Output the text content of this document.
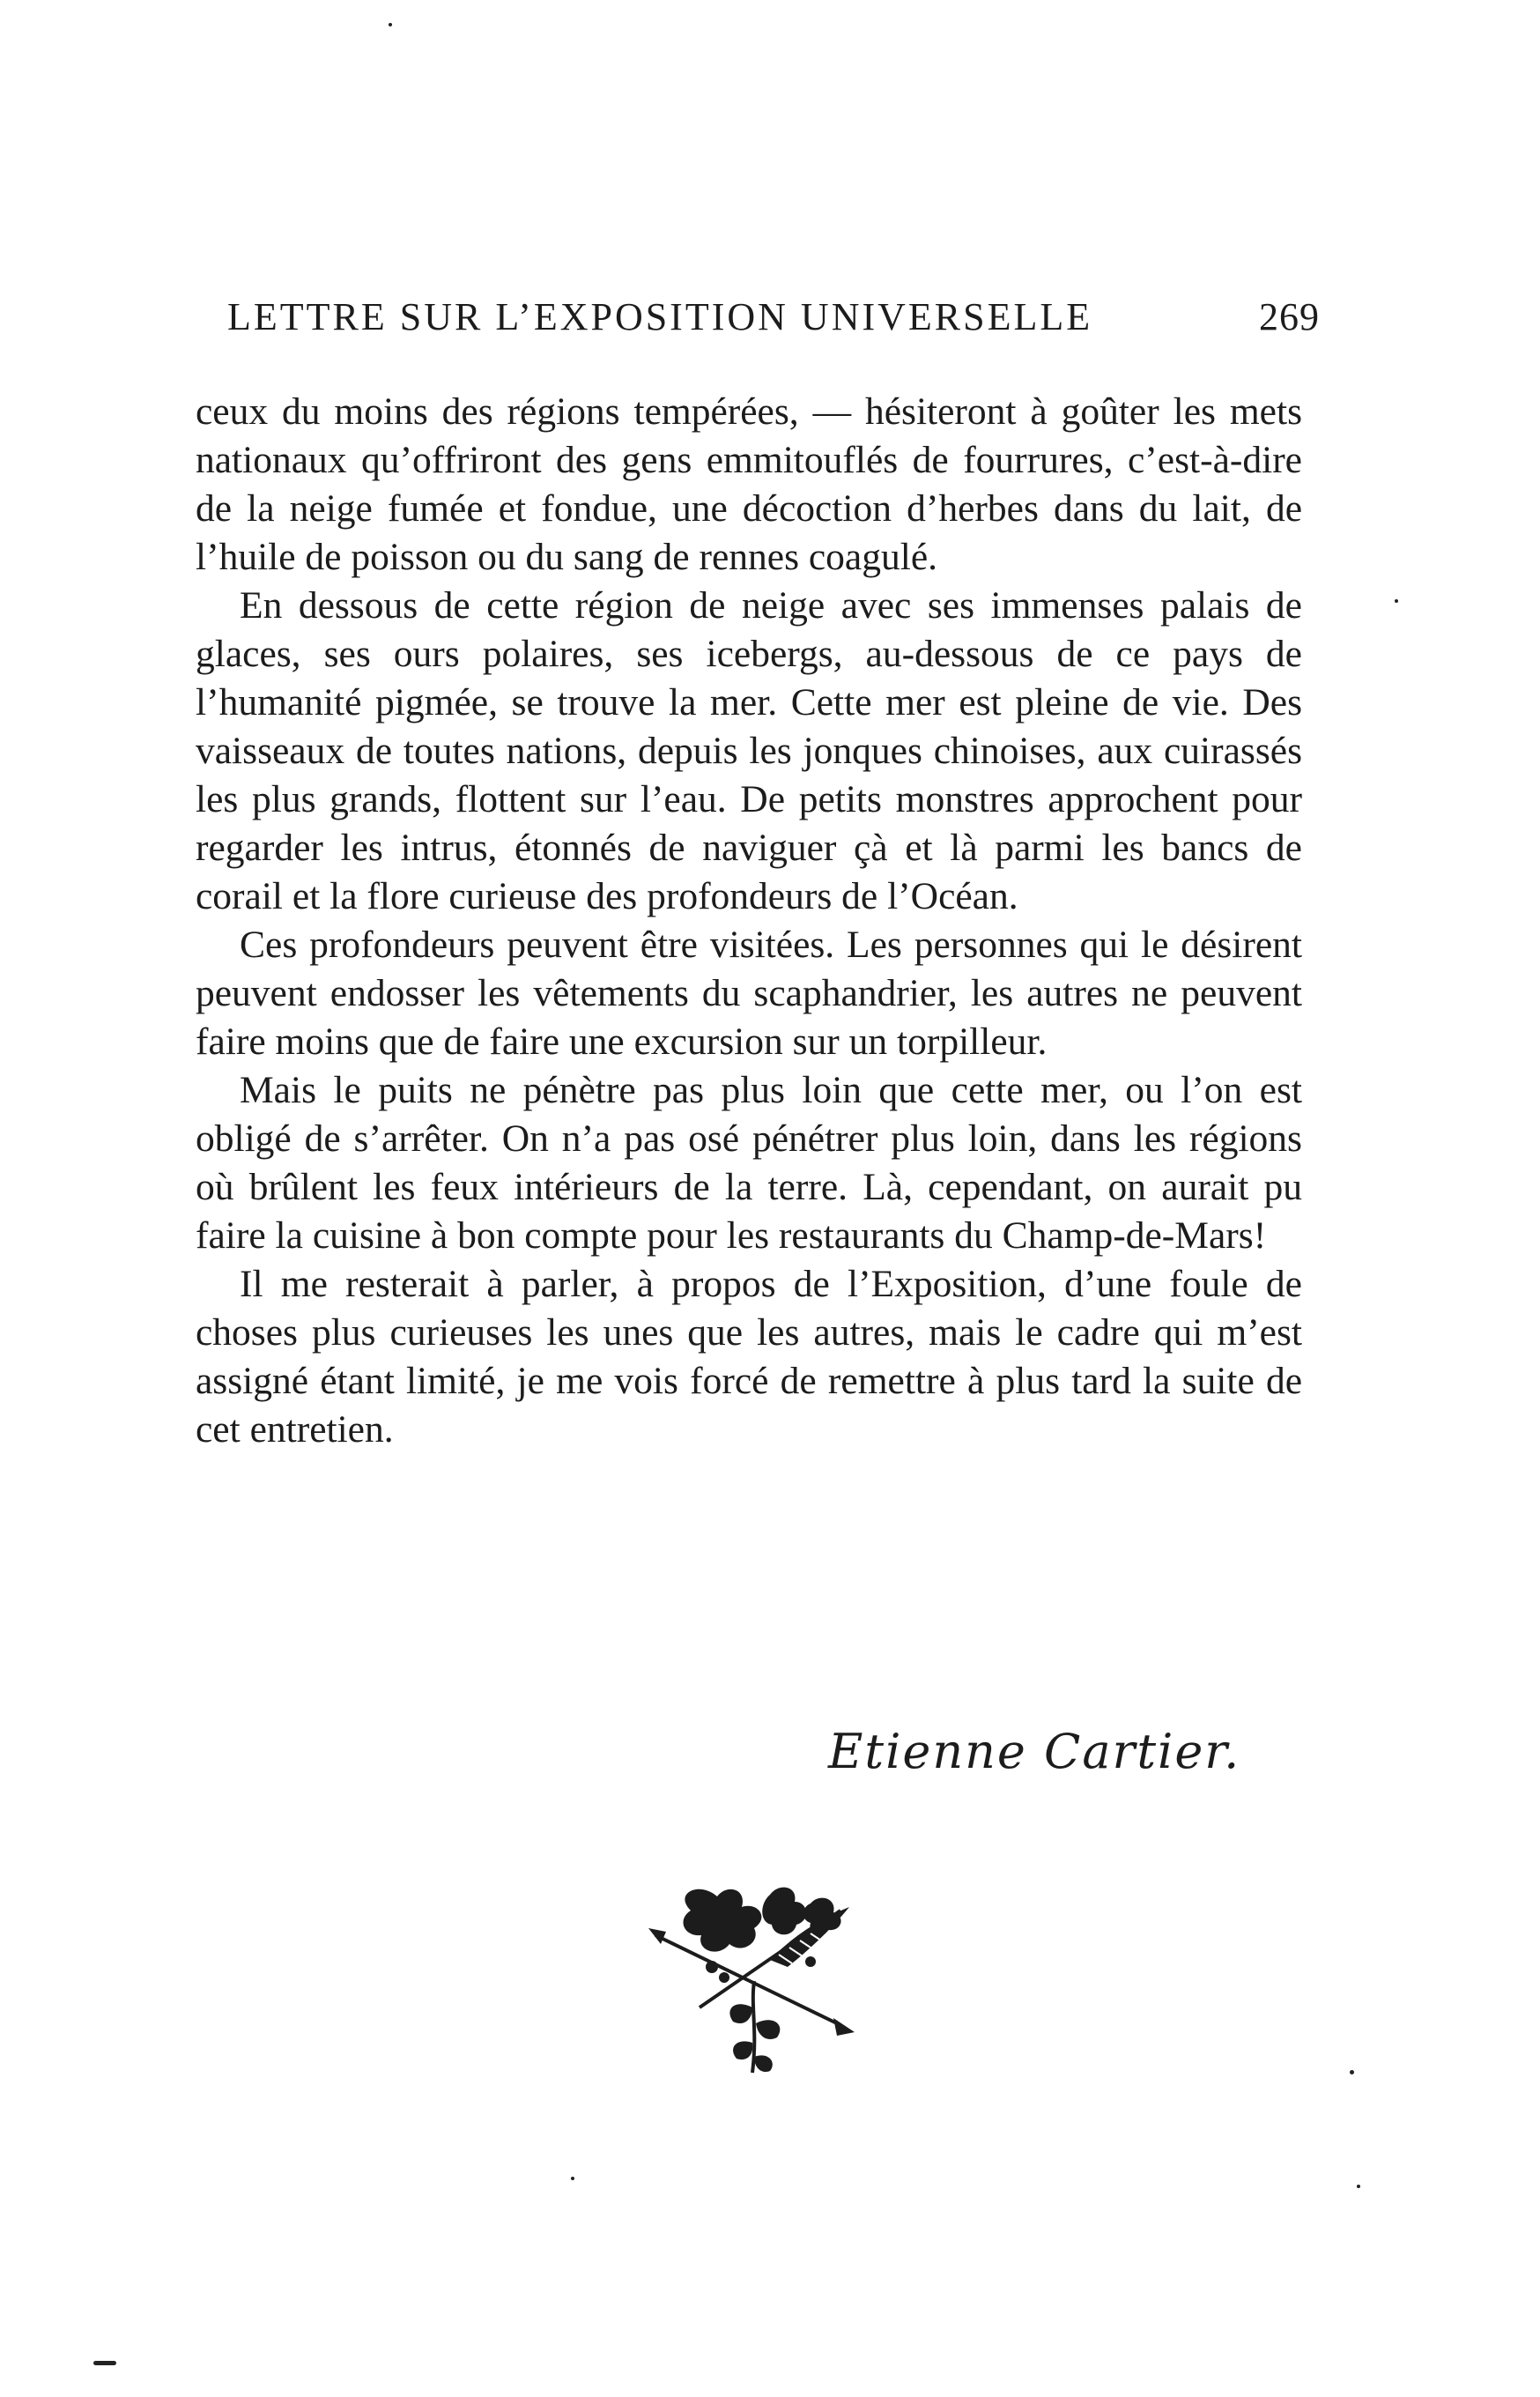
LETTRE SUR L’EXPOSITION UNIVERSELLE	269

ceux du moins des régions tempérées, — hésiteront à goûter les mets nationaux qu’offriront des gens emmitouflés de fourrures, c’est-à-dire de la neige fumée et fondue, une décoction d’herbes dans du lait, de l’huile de poisson ou du sang de rennes coagulé.

En dessous de cette région de neige avec ses immenses palais de glaces, ses ours polaires, ses icebergs, au-dessous de ce pays de l’humanité pigmée, se trouve la mer. Cette mer est pleine de vie. Des vaisseaux de toutes nations, depuis les jonques chinoises, aux cuirassés les plus grands, flottent sur l’eau. De petits monstres approchent pour regarder les intrus, étonnés de naviguer çà et là parmi les bancs de corail et la flore curieuse des profondeurs de l’Océan.

Ces profondeurs peuvent être visitées. Les personnes qui le désirent peuvent endosser les vêtements du scaphandrier, les autres ne peuvent faire moins que de faire une excursion sur un torpilleur.

Mais le puits ne pénètre pas plus loin que cette mer, ou l’on est obligé de s’arrêter. On n’a pas osé pénétrer plus loin, dans les régions où brûlent les feux intérieurs de la terre. Là, cependant, on aurait pu faire la cuisine à bon compte pour les restaurants du Champ-de-Mars!

Il me resterait à parler, à propos de l’Exposition, d’une foule de choses plus curieuses les unes que les autres, mais le cadre qui m’est assigné étant limité, je me vois forcé de remettre à plus tard la suite de cet entretien.

Etienne Cartier.
